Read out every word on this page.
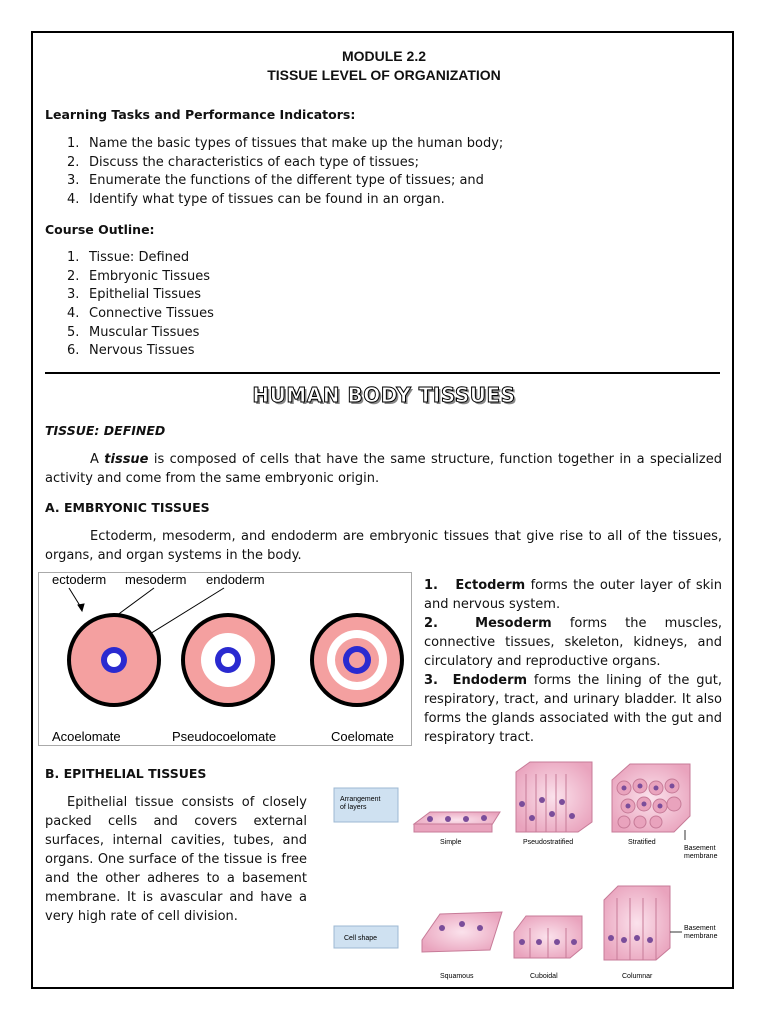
MODULE 2.2
TISSUE LEVEL OF ORGANIZATION
Learning Tasks and Performance Indicators:
1. Name the basic types of tissues that make up the human body;
2. Discuss the characteristics of each type of tissues;
3. Enumerate the functions of the different type of tissues; and
4. Identify what type of tissues can be found in an organ.
Course Outline:
1. Tissue: Defined
2. Embryonic Tissues
3. Epithelial Tissues
4. Connective Tissues
5. Muscular Tissues
6. Nervous Tissues
HUMAN BODY TISSUES
TISSUE: DEFINED
A tissue is composed of cells that have the same structure, function together in a specialized activity and come from the same embryonic origin.
A. EMBRYONIC TISSUES
Ectoderm, mesoderm, and endoderm are embryonic tissues that give rise to all of the tissues, organs, and organ systems in the body.
ectoderm mesoderm endoderm
Acoelomate	Pseudocoelomate	Coelomate
1. Ectoderm forms the outer layer of skin and nervous system.
2.	Mesoderm forms the muscles, connective tissues, skeleton, kidneys, and circulatory and reproductive organs.
3. Endoderm forms the lining of the gut, respiratory, tract, and urinary bladder. It also forms the glands associated with the gut and respiratory tract.
B. EPITHELIAL TISSUES
Epithelial tissue consists of closely packed cells and covers external surfaces, internal cavities, tubes, and organs. One surface of the tissue is free and the other adheres to a basement membrane. It is avascular and have a very high rate of cell division.
Arrangement of layers
Cell shape
Simple	Pseudostratified	Stratified
Basement membrane
Basement membrane
Squamous	Cuboidal	Columnar
